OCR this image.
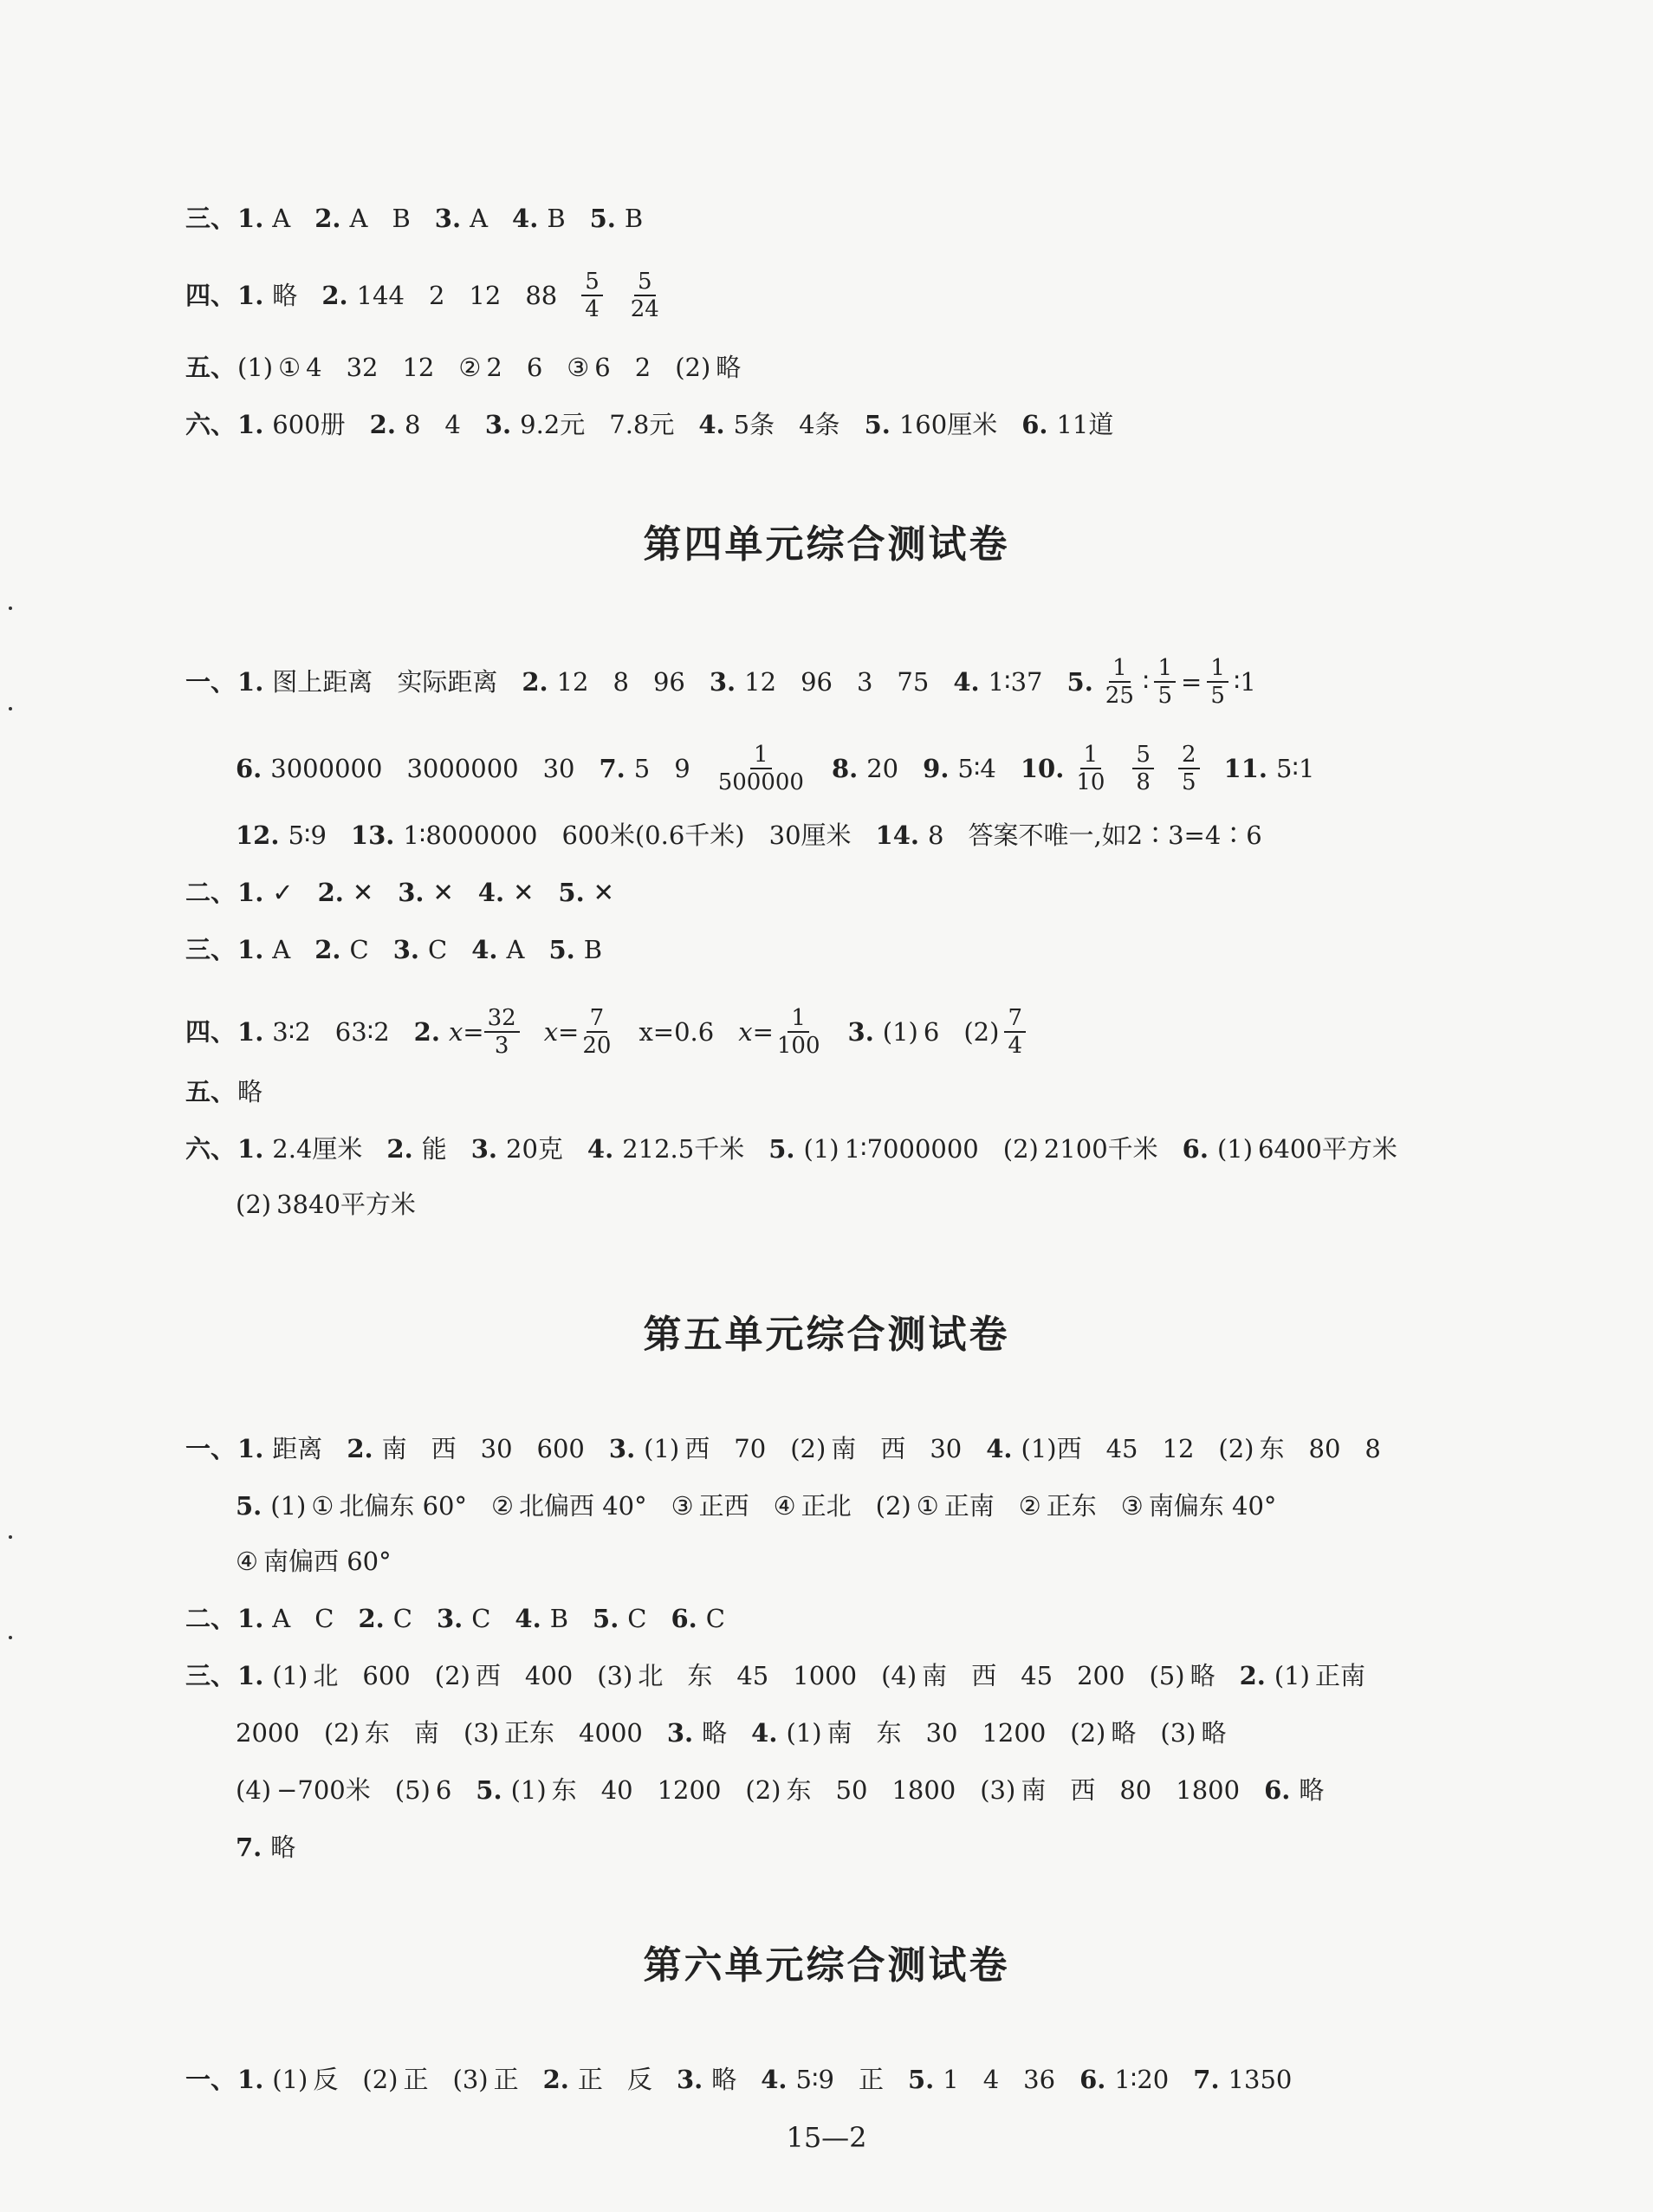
三、 1. A 2. A B 3. A 4. B 5. B
四、 1. 略 2. 144 2 12 $88 \frac{5}{4} \frac{5}{24}$
五、 (1) ① 4 32 12 ② 2 6 ③ 6 2 (2) 略
六、 1. 600册 2. 8 4 3. 9.2元 7.8元 4. 5条 4条 5. 160厘米 6. 11道
第四单元综合测试卷
一、 1. 图上距离 实际距离 2. 12 8 96 3. 12 96 3 75 4. 1∶37 5. $\frac{1}{25}$ ∶ $\frac{1}{5} = \frac{1}{5}$ ∶1
6. 3000000 3000000 30 7. 5 $9 \frac{1}{500000} 8$. 20 9. 5∶4 10. $\frac{1}{10} \frac{5}{8} \frac{2}{5} 11$. 5∶1
12. 5∶9 13. 1∶8000000 600米(0.6千米) 30厘米 14. 8 答案不唯一,如2∶3=4∶6
二、 1. ✓ 2. ✕ 3. ✕ 4. ✕ 5. ✕
三、 1. A 2. C 3. C 4. A 5. B
四、 1. 3∶2 63∶2 2. $x= \frac{32}{3} x= \frac{7}{20} x=0.6$ $x= \frac{1}{100} 3$. (1) 6 $(2) \frac{7}{4}$
五、 略
六、 1. 2.4厘米 2. 能 3. 20克 4. 212.5千米 5. (1) 1∶7000000 (2) 2100千米 6. (1) 6400平方米
(2) 3840平方米
第五单元综合测试卷
一、 1. 距离 2. 南 西 30 600 3. (1) 西 70 (2) 南 西 30 4. (1)西 45 12 (2) 东 80 8
5. (1) ① 北偏东 60° ② 北偏西 40° ③ 正西 ④ 正北 (2) ① 正南 ② 正东 ③ 南偏东 40°
④ 南偏西 60°
二、 1. A C 2. C 3. C 4. B 5. C 6. C
三、 1. (1) 北 600 (2) 西 400 (3) 北 东 45 1000 (4) 南 西 45 200 (5) 略 2. (1) 正南
2000 (2) 东 南 (3) 正东 4000 3. 略 4. (1) 南 东 30 1200 (2) 略 (3) 略
(4) −700米 (5) 6 5. (1) 东 40 1200 (2) 东 50 1800 (3) 南 西 80 1800 6. 略
7. 略
第六单元综合测试卷
一、 1. (1) 反 (2) 正 (3) 正 2. 正 反 3. 略 4. 5∶9 正 5. 1 4 36 6. 1∶20 7. 1350
15—2
